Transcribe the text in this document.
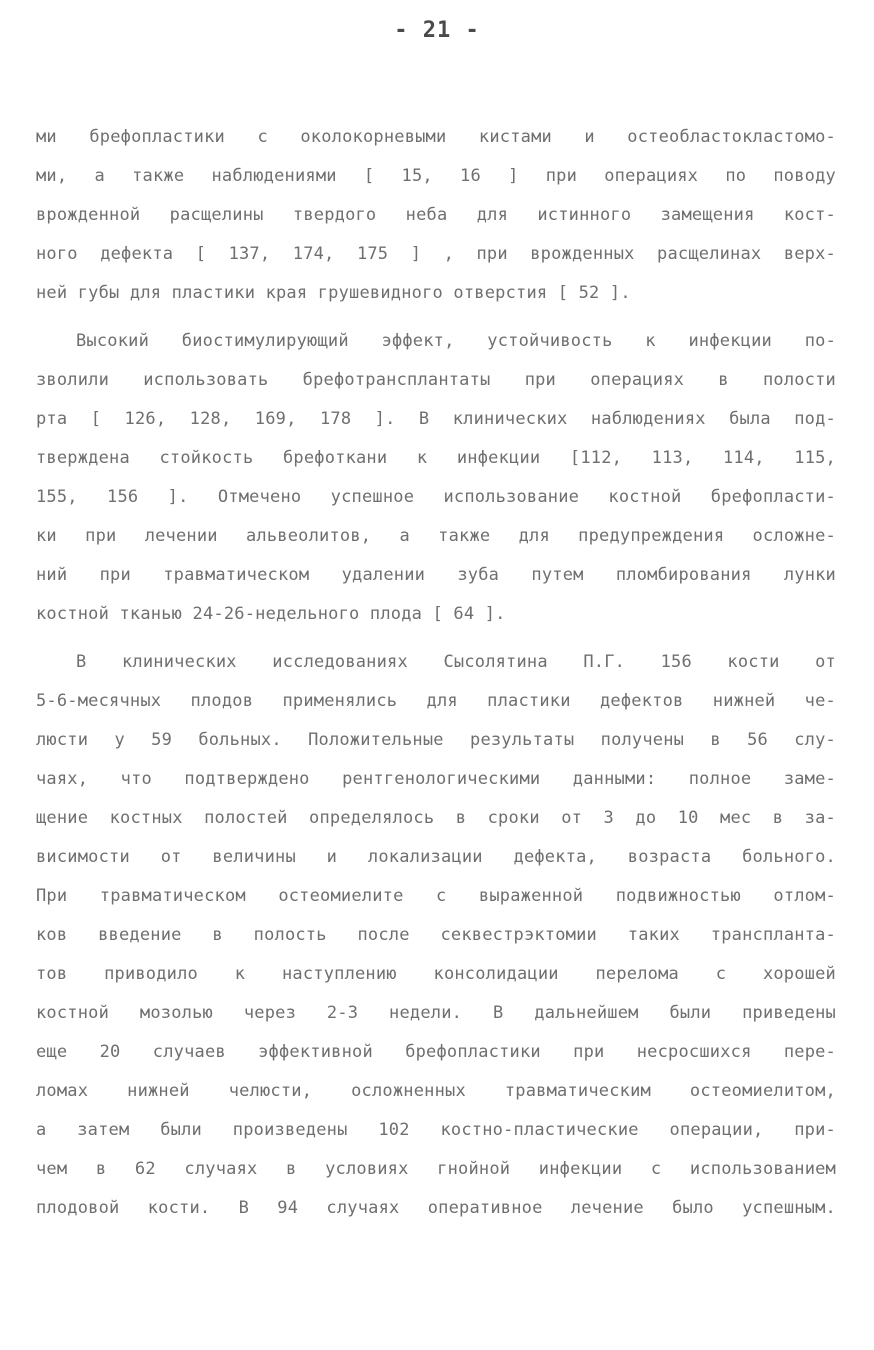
- 21 -
ми брефопластики с околокорневыми кистами и остеобластокластомо-
ми, а также наблюдениями [ 15, 16 ] при операциях по поводу
врожденной расщелины твердого неба для истинного замещения кост-
ного дефекта [ 137, 174, 175 ] , при врожденных расщелинах верх-
ней губы для пластики края грушевидного отверстия [ 52 ].
Высокий биостимулирующий эффект, устойчивость к инфекции по-
зволили использовать брефотрансплантаты при операциях в полости
рта [ 126, 128, 169, 178 ]. В клинических наблюдениях была под-
тверждена стойкость брефоткани к инфекции [112, 113, 114, 115,
155, 156 ]. Отмечено успешное использование костной брефопласти-
ки при лечении альвеолитов, а также для предупреждения осложне-
ний при травматическом удалении зуба путем пломбирования лунки
костной тканью 24-26-недельного плода [ 64 ].
В клинических исследованиях Сысолятина П.Г. 156 кости от
5-6-месячных плодов применялись для пластики дефектов нижней че-
люсти у 59 больных. Положительные результаты получены в 56 слу-
чаях, что подтверждено рентгенологическими данными: полное заме-
щение костных полостей определялось в сроки от 3 до 10 мес в за-
висимости от величины и локализации дефекта, возраста больного.
При травматическом остеомиелите с выраженной подвижностью отлом-
ков введение в полость после секвестрэктомии таких трансплантa-
тов приводило к наступлению консолидации перелома с хорошей
костной мозолью через 2-3 недели. В дальнейшем были приведены
еще 20 случаев эффективной брефопластики при несросшихся пере-
ломах нижней челюсти, осложненных травматическим остеомиелитом,
а затем были произведены 102 костно-пластические операции, при-
чем в 62 случаях в условиях гнойной инфекции с использованием
плодовой кости. В 94 случаях оперативное лечение было успешным.
